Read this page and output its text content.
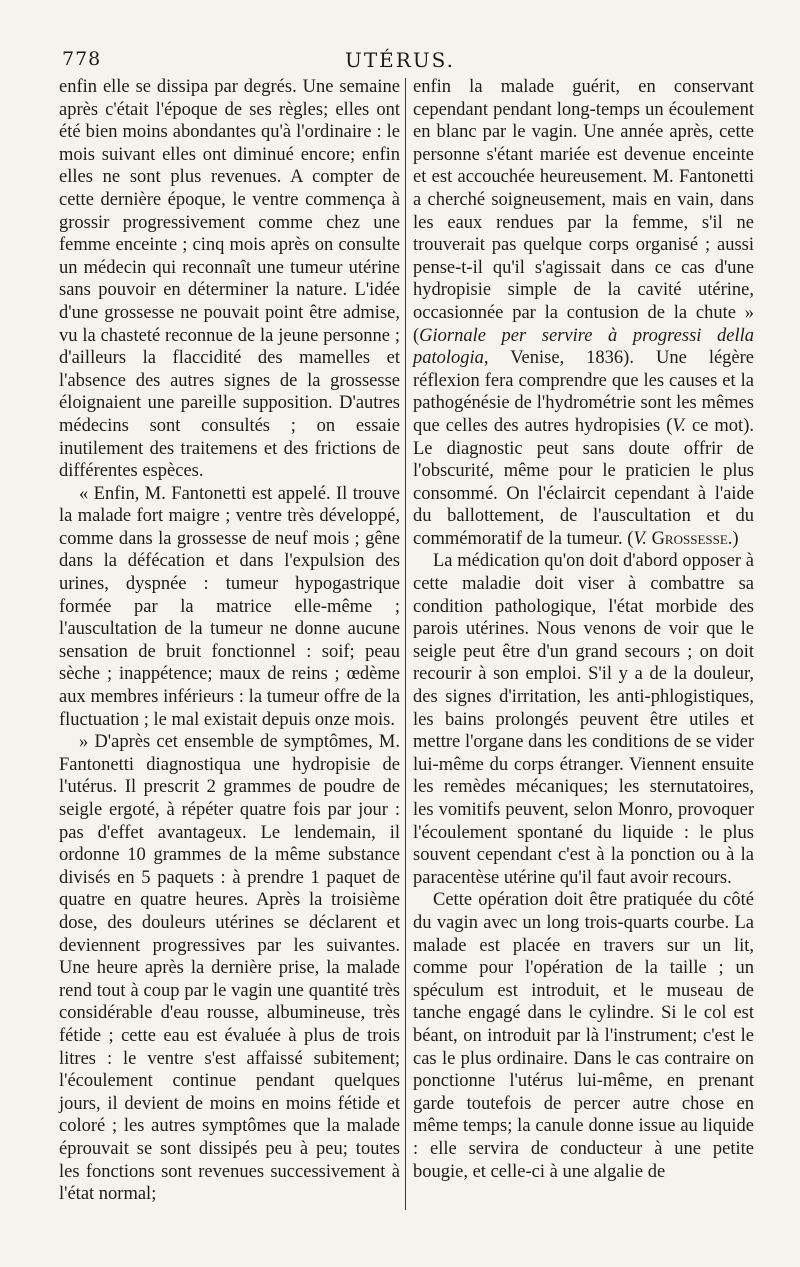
778	UTÉRUS.

enfin elle se dissipa par degrés. Une semaine après c'était l'époque de ses règles; elles ont été bien moins abondantes qu'à l'ordinaire : le mois suivant elles ont diminué encore; enfin elles ne sont plus revenues. A compter de cette dernière époque, le ventre commença à grossir progressivement comme chez une femme enceinte ; cinq mois après on consulte un médecin qui reconnaît une tumeur utérine sans pouvoir en déterminer la nature. L'idée d'une grossesse ne pouvait point être admise, vu la chasteté reconnue de la jeune personne ; d'ailleurs la flaccidité des mamelles et l'absence des autres signes de la grossesse éloignaient une pareille supposition. D'autres médecins sont consultés ; on essaie inutilement des traitemens et des frictions de différentes espèces.

« Enfin, M. Fantonetti est appelé. Il trouve la malade fort maigre ; ventre très développé, comme dans la grossesse de neuf mois ; gêne dans la défécation et dans l'expulsion des urines, dyspnée : tumeur hypogastrique formée par la matrice elle-même ; l'auscultation de la tumeur ne donne aucune sensation de bruit fonctionnel : soif; peau sèche ; inappétence; maux de reins ; œdème aux membres inférieurs : la tumeur offre de la fluctuation ; le mal existait depuis onze mois.

» D'après cet ensemble de symptômes, M. Fantonetti diagnostiqua une hydropisie de l'utérus. Il prescrit 2 grammes de poudre de seigle ergoté, à répéter quatre fois par jour : pas d'effet avantageux. Le lendemain, il ordonne 10 grammes de la même substance divisés en 5 paquets : à prendre 1 paquet de quatre en quatre heures. Après la troisième dose, des douleurs utérines se déclarent et deviennent progressives par les suivantes. Une heure après la dernière prise, la malade rend tout à coup par le vagin une quantité très considérable d'eau rousse, albumineuse, très fétide ; cette eau est évaluée à plus de trois litres : le ventre s'est affaissé subitement; l'écoulement continue pendant quelques jours, il devient de moins en moins fétide et coloré ; les autres symptômes que la malade éprouvait se sont dissipés peu à peu; toutes les fonctions sont revenues successivement à l'état normal;

enfin la malade guérit, en conservant cependant pendant long-temps un écoulement en blanc par le vagin. Une année après, cette personne s'étant mariée est devenue enceinte et est accouchée heureusement. M. Fantonetti a cherché soigneusement, mais en vain, dans les eaux rendues par la femme, s'il ne trouverait pas quelque corps organisé ; aussi pense-t-il qu'il s'agissait dans ce cas d'une hydropisie simple de la cavité utérine, occasionnée par la contusion de la chute » (Giornale per servire à progressi della patologia, Venise, 1836). Une légère réflexion fera comprendre que les causes et la pathogénésie de l'hydrométrie sont les mêmes que celles des autres hydropisies (V. ce mot). Le diagnostic peut sans doute offrir de l'obscurité, même pour le praticien le plus consommé. On l'éclaircit cependant à l'aide du ballottement, de l'auscultation et du commémoratif de la tumeur. (V. Grossesse.)

La médication qu'on doit d'abord opposer à cette maladie doit viser à combattre sa condition pathologique, l'état morbide des parois utérines. Nous venons de voir que le seigle peut être d'un grand secours ; on doit recourir à son emploi. S'il y a de la douleur, des signes d'irritation, les anti-phlogistiques, les bains prolongés peuvent être utiles et mettre l'organe dans les conditions de se vider lui-même du corps étranger. Viennent ensuite les remèdes mécaniques; les sternutatoires, les vomitifs peuvent, selon Monro, provoquer l'écoulement spontané du liquide : le plus souvent cependant c'est à la ponction ou à la paracentèse utérine qu'il faut avoir recours.

Cette opération doit être pratiquée du côté du vagin avec un long trois-quarts courbe. La malade est placée en travers sur un lit, comme pour l'opération de la taille ; un spéculum est introduit, et le museau de tanche engagé dans le cylindre. Si le col est béant, on introduit par là l'instrument; c'est le cas le plus ordinaire. Dans le cas contraire on ponctionne l'utérus lui-même, en prenant garde toutefois de percer autre chose en même temps; la canule donne issue au liquide : elle servira de conducteur à une petite bougie, et celle-ci à une algalie de
